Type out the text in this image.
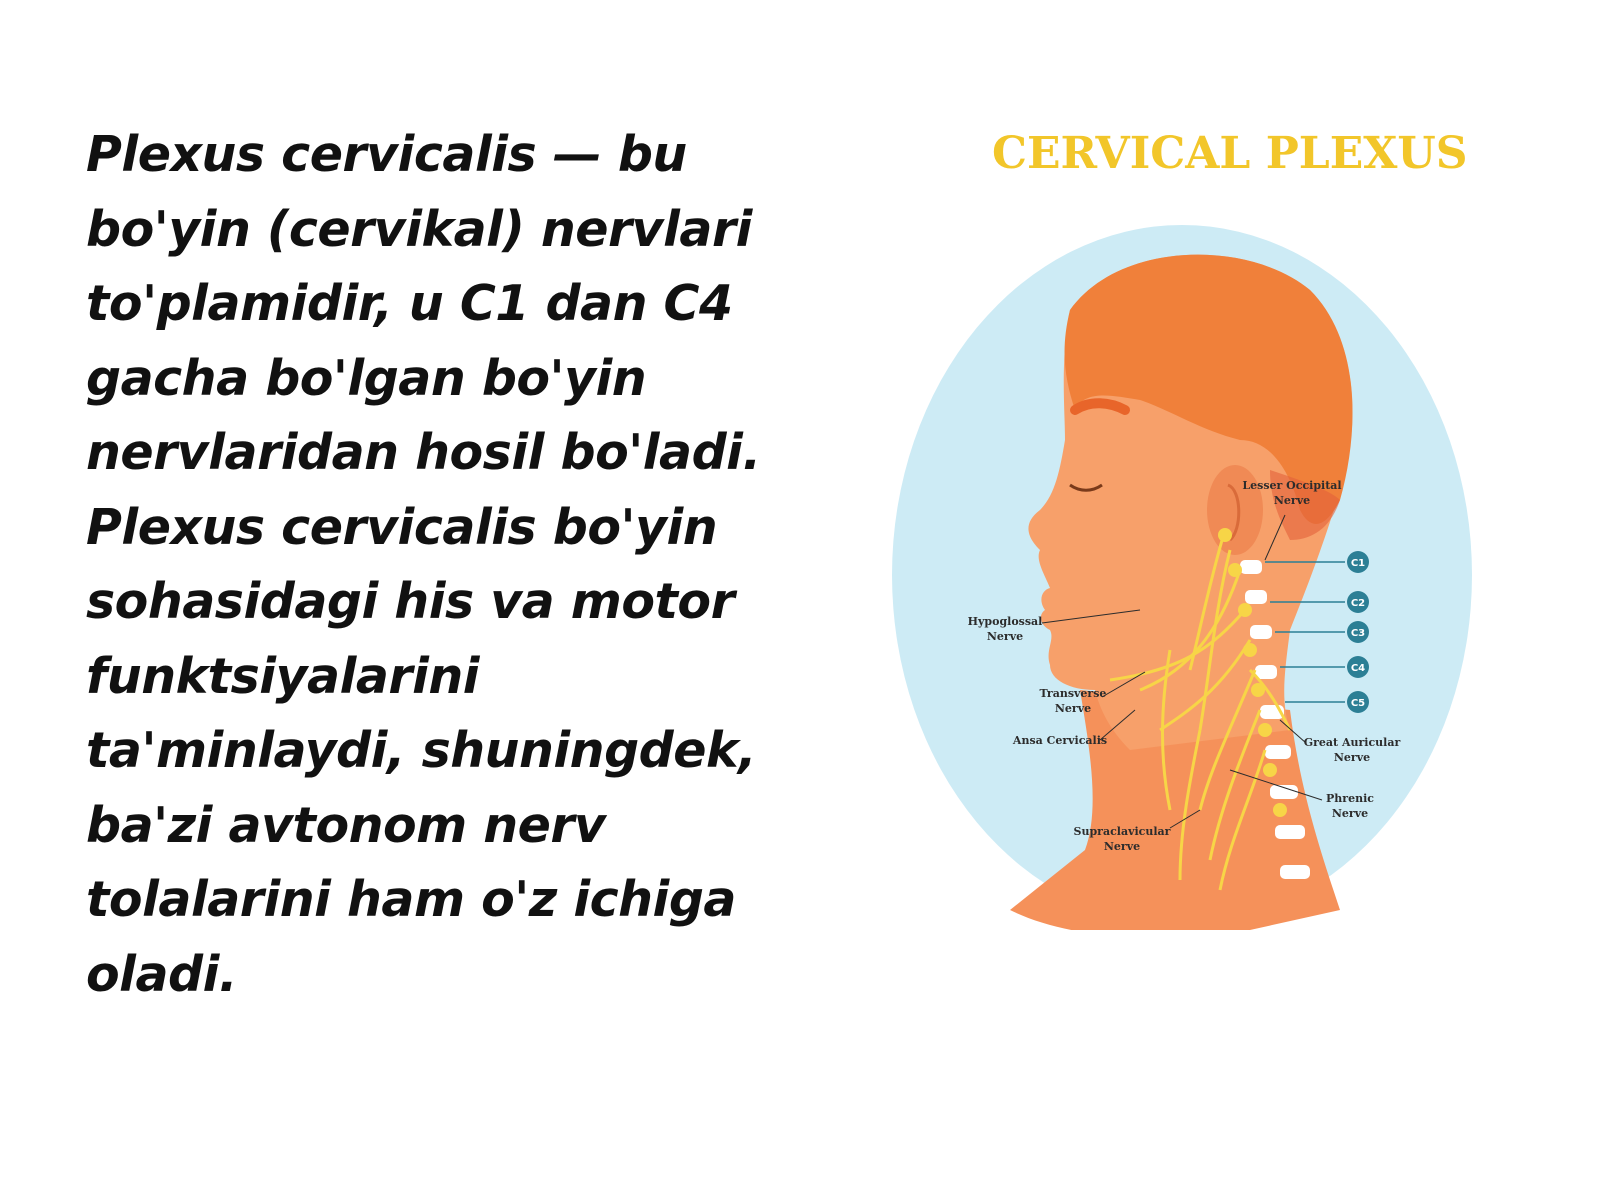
Plexus cervicalis — bu
bo'yin (cervikal) nervlari
to'plamidir, u C1 dan C4
gacha bo'lgan bo'yin
nervlaridan hosil bo'ladi.
Plexus cervicalis bo'yin
sohasidagi his va motor
funktsiyalarini
ta'minlaydi, shuningdek,
ba'zi avtonom nerv
tolalarini ham o'z ichiga
oladi.

CERVICAL PLEXUS
C1
C2
C3
C4
C5
Lesser Occipital
Nerve
Hypoglossal
Nerve
Transverse
Nerve
Ansa Cervicalis	Great Auricular
Nerve
Phrenic
Nerve
Supraclavicular
Nerve
